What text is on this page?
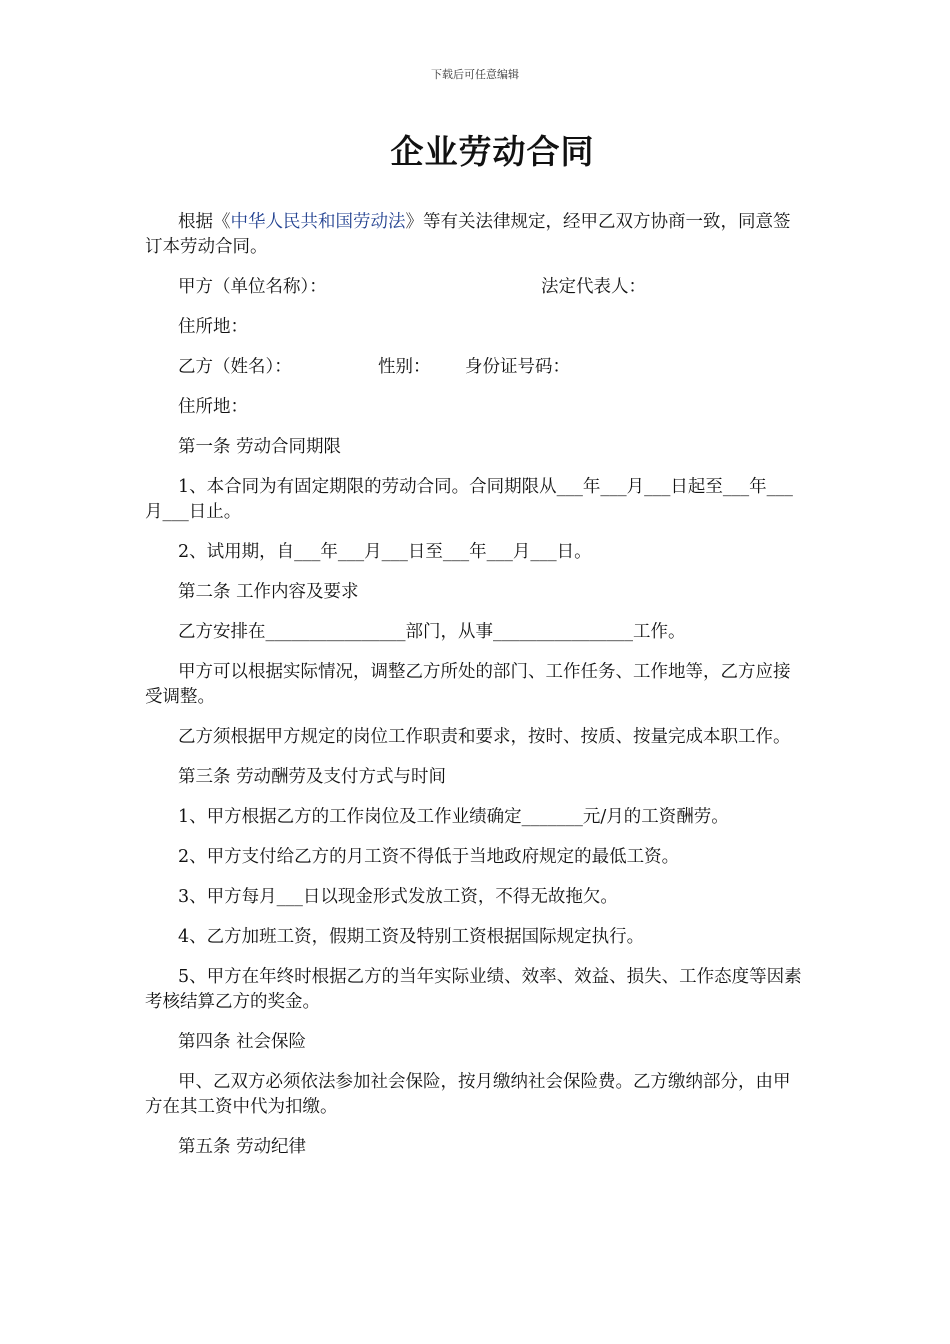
下载后可任意编辑
企业劳动合同

根据《中华人民共和国劳动法》等有关法律规定，经甲乙双方协商一致，同意签订本劳动合同。

甲方（单位名称）：	法定代表人：
住所地：
乙方（姓名）：	性别： 身份证号码：
住所地：

第一条 劳动合同期限

1、本合同为有固定期限的劳动合同。合同期限从___年___月___日起至___年___月___日止。

2、试用期，自___年___月___日至___年___月___日。

第二条 工作内容及要求

乙方安排在________________部门，从事________________工作。

甲方可以根据实际情况，调整乙方所处的部门、工作任务、工作地等，乙方应接受调整。

乙方须根据甲方规定的岗位工作职责和要求，按时、按质、按量完成本职工作。

第三条 劳动酬劳及支付方式与时间

1、甲方根据乙方的工作岗位及工作业绩确定_______元/月的工资酬劳。

2、甲方支付给乙方的月工资不得低于当地政府规定的最低工资。

3、甲方每月___日以现金形式发放工资，不得无故拖欠。

4、乙方加班工资，假期工资及特别工资根据国际规定执行。

5、甲方在年终时根据乙方的当年实际业绩、效率、效益、损失、工作态度等因素考核结算乙方的奖金。

第四条 社会保险

甲、乙双方必须依法参加社会保险，按月缴纳社会保险费。乙方缴纳部分，由甲方在其工资中代为扣缴。

第五条 劳动纪律
